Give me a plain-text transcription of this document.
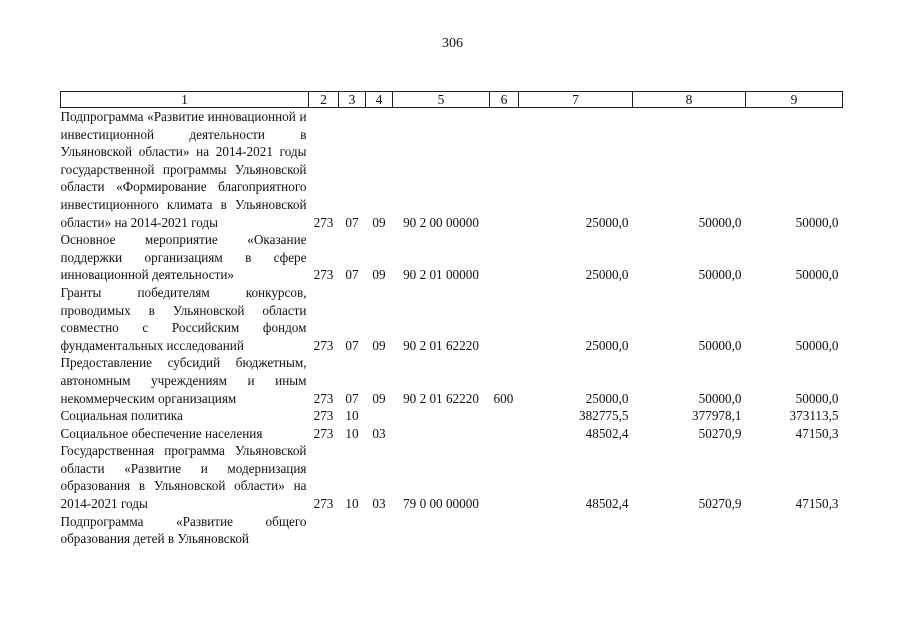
306
1	2	3	4	5	6	7	8	9
Подпрограмма «Развитие инновационной и инвестиционной деятельности в Ульяновской области» на 2014-2021 годы государственной программы Ульяновской области «Формирование благоприятного инвестиционного климата в Ульяновской области» на 2014-2021 годы	273	07	09	90 2 00 00000		25000,0	50000,0	50000,0
Основное мероприятие «Оказание поддержки организациям в сфере инновационной деятельности»	273	07	09	90 2 01 00000		25000,0	50000,0	50000,0
Гранты победителям конкурсов, проводимых в Ульяновской области совместно с Российским фондом фундаментальных исследований	273	07	09	90 2 01 62220		25000,0	50000,0	50000,0
Предоставление субсидий бюджетным, автономным учреждениям и иным некоммерческим организациям	273	07	09	90 2 01 62220	600	25000,0	50000,0	50000,0
Социальная политика	273	10				382775,5	377978,1	373113,5
Социальное обеспечение населения	273	10	03			48502,4	50270,9	47150,3
Государственная программа Ульяновской области «Развитие и модернизация образования в Ульяновской области» на 2014-2021 годы	273	10	03	79 0 00 00000		48502,4	50270,9	47150,3
Подпрограмма «Развитие общего образования детей в Ульяновской								
